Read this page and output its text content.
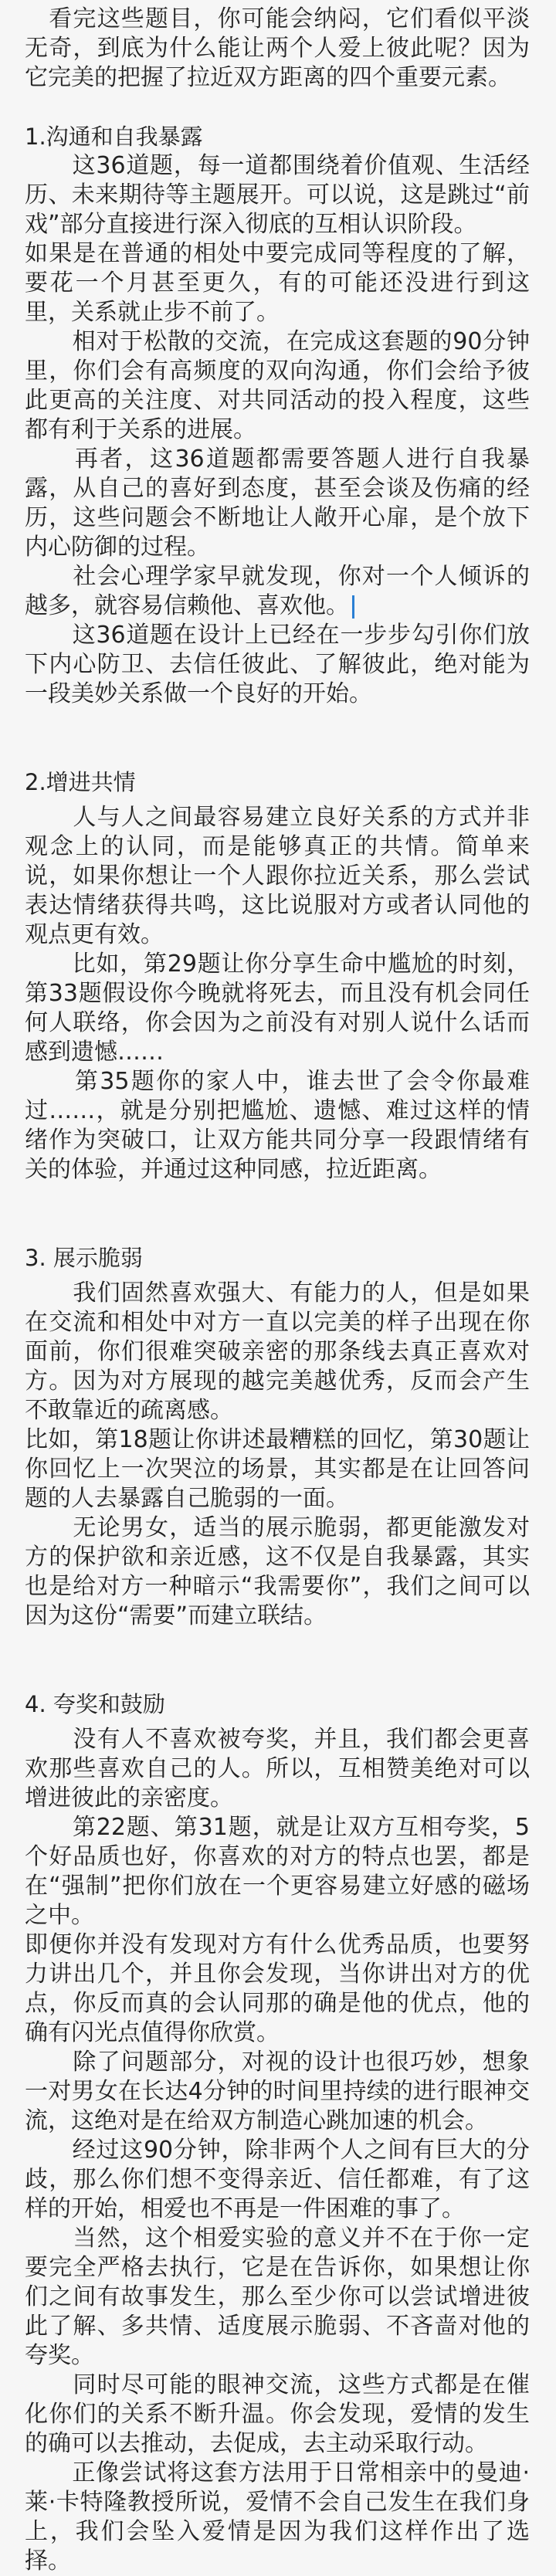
　看完这些题目，你可能会纳闷，它们看似平淡无奇，到底为什么能让两个人爱上彼此呢？因为它完美的把握了拉近双方距离的四个重要元素。

1.沟通和自我暴露

　　这36道题，每一道都围绕着价值观、生活经历、未来期待等主题展开。可以说，这是跳过“前戏”部分直接进行深入彻底的互相认识阶段。

如果是在普通的相处中要完成同等程度的了解，要花一个月甚至更久，有的可能还没进行到这里，关系就止步不前了。

　　相对于松散的交流，在完成这套题的90分钟里，你们会有高频度的双向沟通，你们会给予彼此更高的关注度、对共同活动的投入程度，这些都有利于关系的进展。

　　再者，这36道题都需要答题人进行自我暴露，从自己的喜好到态度，甚至会谈及伤痛的经历，这些问题会不断地让人敞开心扉，是个放下内心防御的过程。

　　社会心理学家早就发现，你对一个人倾诉的越多，就容易信赖他、喜欢他。

　　这36道题在设计上已经在一步步勾引你们放下内心防卫、去信任彼此、了解彼此，绝对能为一段美妙关系做一个良好的开始。

2.增进共情

　　人与人之间最容易建立良好关系的方式并非观念上的认同，而是能够真正的共情。简单来说，如果你想让一个人跟你拉近关系，那么尝试表达情绪获得共鸣，这比说服对方或者认同他的观点更有效。

　　比如，第29题让你分享生命中尴尬的时刻，第33题假设你今晚就将死去，而且没有机会同任何人联络，你会因为之前没有对别人说什么话而感到遗憾……

　　第35题你的家人中，谁去世了会令你最难过……，就是分别把尴尬、遗憾、难过这样的情绪作为突破口，让双方能共同分享一段跟情绪有关的体验，并通过这种同感，拉近距离。

3. 展示脆弱

　　我们固然喜欢强大、有能力的人，但是如果在交流和相处中对方一直以完美的样子出现在你面前，你们很难突破亲密的那条线去真正喜欢对方。因为对方展现的越完美越优秀，反而会产生不敢靠近的疏离感。

比如，第18题让你讲述最糟糕的回忆，第30题让你回忆上一次哭泣的场景，其实都是在让回答问题的人去暴露自己脆弱的一面。

　　无论男女，适当的展示脆弱，都更能激发对方的保护欲和亲近感，这不仅是自我暴露，其实也是给对方一种暗示“我需要你”，我们之间可以因为这份“需要”而建立联结。

4. 夸奖和鼓励

　　没有人不喜欢被夸奖，并且，我们都会更喜欢那些喜欢自己的人。所以，互相赞美绝对可以增进彼此的亲密度。

　　第22题、第31题，就是让双方互相夸奖，5个好品质也好，你喜欢的对方的特点也罢，都是在“强制”把你们放在一个更容易建立好感的磁场之中。

即便你并没有发现对方有什么优秀品质，也要努力讲出几个，并且你会发现，当你讲出对方的优点，你反而真的会认同那的确是他的优点，他的确有闪光点值得你欣赏。

　　除了问题部分，对视的设计也很巧妙，想象一对男女在长达4分钟的时间里持续的进行眼神交流，这绝对是在给双方制造心跳加速的机会。

　　经过这90分钟，除非两个人之间有巨大的分歧，那么你们想不变得亲近、信任都难，有了这样的开始，相爱也不再是一件困难的事了。

　　当然，这个相爱实验的意义并不在于你一定要完全严格去执行，它是在告诉你，如果想让你们之间有故事发生，那么至少你可以尝试增进彼此了解、多共情、适度展示脆弱、不吝啬对他的夸奖。

　　同时尽可能的眼神交流，这些方式都是在催化你们的关系不断升温。你会发现，爱情的发生的确可以去推动，去促成，去主动采取行动。

　　正像尝试将这套方法用于日常相亲中的曼迪·莱·卡特隆教授所说，爱情不会自己发生在我们身上，我们会坠入爱情是因为我们这样作出了选择。
